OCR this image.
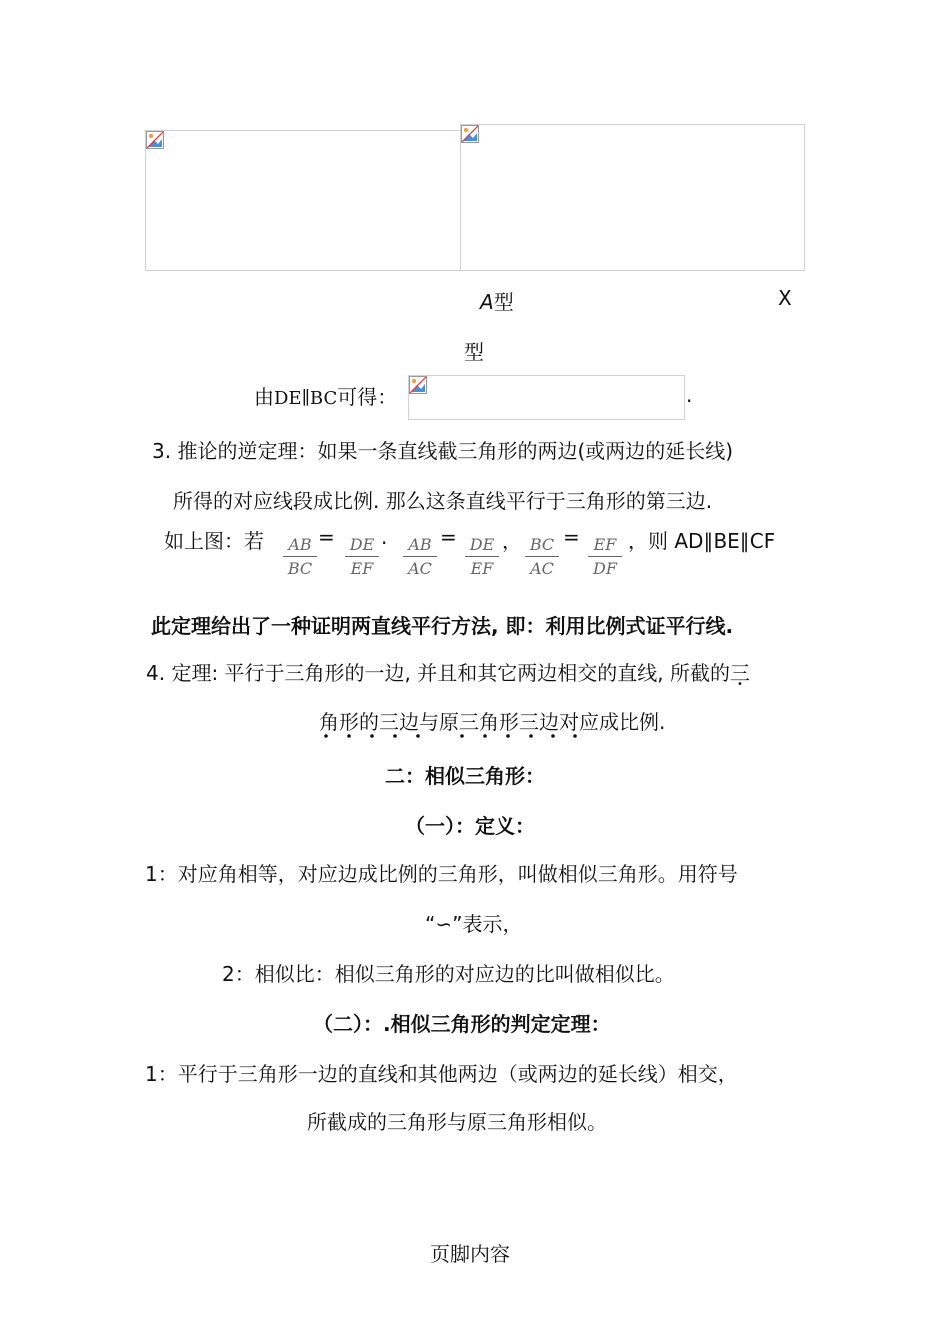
A型	X
型
由DE∥BC可得：	.
3. 推论的逆定理：如果一条直线截三角形的两边(或两边的延长线)
所得的对应线段成比例. 那么这条直线平行于三角形的第三边.
如上图：若 $\frac{AB}{BC} = \frac{DE}{EF}$ . $\frac{AB}{AC} = \frac{DE}{EF}$ ， $\frac{BC}{AC} = \frac{EF}{DF}$ ，则 AD∥BE∥CF
此定理给出了一种证明两直线平行方法, 即：利用比例式证平行线.
4. 定理: 平行于三角形的一边, 并且和其它两边相交的直线, 所截的三
角形的三边与原三角形三边对应成比例.
二：相似三角形：
（一）：定义：
1：对应角相等，对应边成比例的三角形，叫做相似三角形。用符号
“∽”表示，
2：相似比：相似三角形的对应边的比叫做相似比。
（二）：.相似三角形的判定定理：
1：平行于三角形一边的直线和其他两边（或两边的延长线）相交，
所截成的三角形与原三角形相似。
页脚内容
